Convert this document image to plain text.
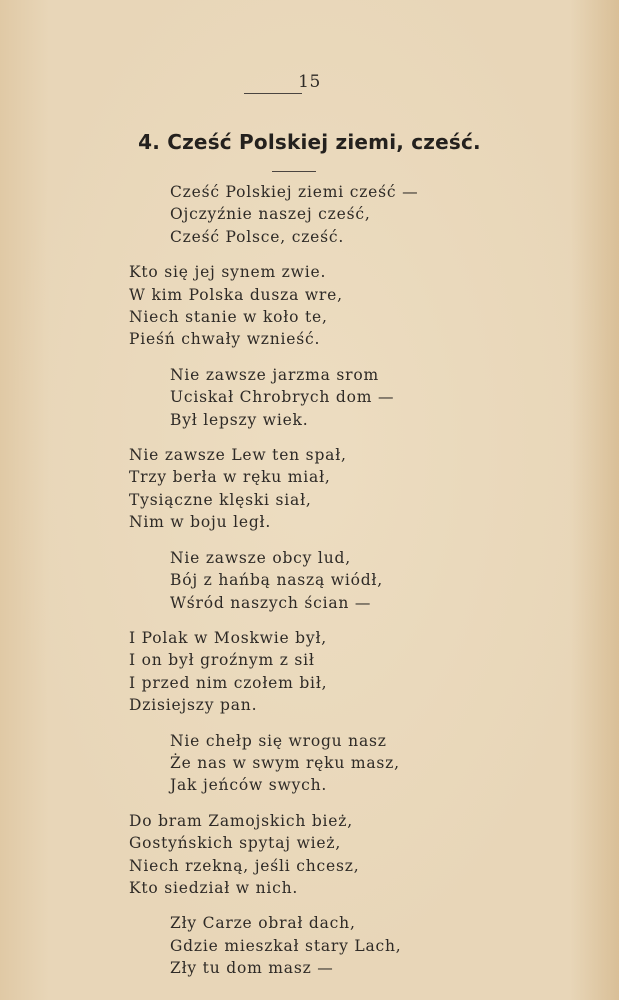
15
4. Cześć Polskiej ziemi, cześć.
Cześć Polskiej ziemi cześć —
Ojczyźnie naszej cześć,
Cześć Polsce, cześć.
Kto się jej synem zwie.
W kim Polska dusza wre,
Niech stanie w koło te,
Pieśń chwały wznieść.
Nie zawsze jarzma srom
Uciskał Chrobrych dom —
Był lepszy wiek.
Nie zawsze Lew ten spał,
Trzy berła w ręku miał,
Tysiączne klęski siał,
Nim w boju legł.
Nie zawsze obcy lud,
Bój z hańbą naszą wiódł,
Wśród naszych ścian —
I Polak w Moskwie był,
I on był groźnym z sił
I przed nim czołem bił,
Dzisiejszy pan.
Nie chełp się wrogu nasz
Że nas w swym ręku masz,
Jak jeńców swych.
Do bram Zamojskich bież,
Gostyńskich spytaj wież,
Niech rzekną, jeśli chcesz,
Kto siedział w nich.
Zły Carze obrał dach,
Gdzie mieszkał stary Lach,
Zły tu dom masz —
